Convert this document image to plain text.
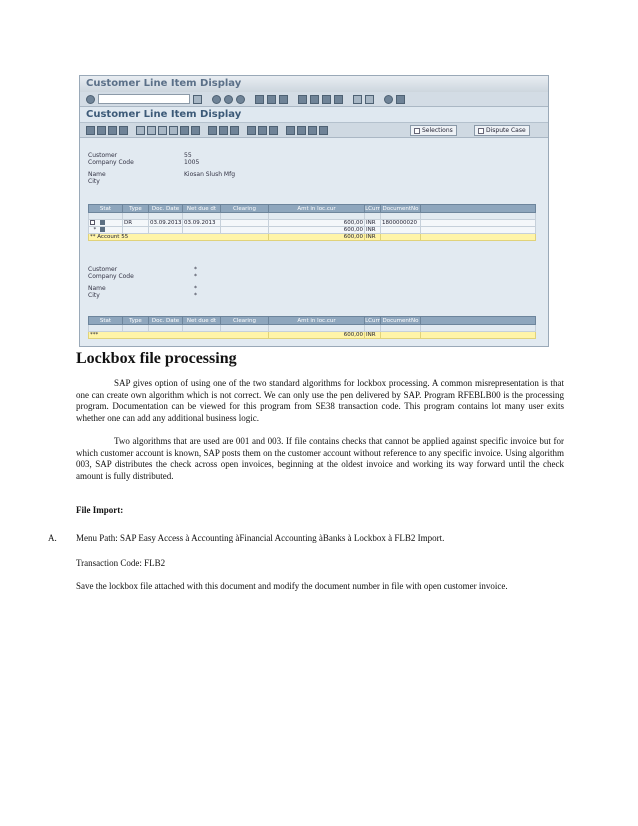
Customer Line Item Display
Customer Line Item Display
Selections	Dispute Case
Customer	55
Company Code	1005
Name	Kiosan Slush Mfg
City
Stat	Type	Doc. Date	Net due dt	Clearing	Amt in loc.cur	LCurr	DocumentNo	

	DR	03.09.2013	03.09.2013		600,00	INR	1800000020	
*					600,00	INR		
** Account 55					600,00	INR		
Customer	*
Company Code	*
Name	*
City	*
Stat	Type	Doc. Date	Net due dt	Clearing	Amt in loc.cur	LCurr	DocumentNo	

***					600,00	INR		
Lockbox file processing

SAP gives option of using one of the two standard algorithms for lockbox processing. A common misrepresentation is that one can create own algorithm which is not correct. We can only use the pen delivered by SAP. Program RFEBLB00 is the processing program. Documentation can be viewed for this program from SE38 transaction code. This program contains lot many user exits whether one can add any additional business logic.

Two algorithms that are used are 001 and 003. If file contains checks that cannot be applied against specific invoice but for which customer account is known, SAP posts them on the customer account without reference to any specific invoice. Using algorithm 003, SAP distributes the check across open invoices, beginning at the oldest invoice and working its way forward until the check amount is fully distributed.

File Import:
A. Menu Path: SAP Easy Access à Accounting àFinancial Accounting àBanks à Lockbox à FLB2 Import.
Transaction Code: FLB2
Save the lockbox file attached with this document and modify the document number in file with open customer invoice.
